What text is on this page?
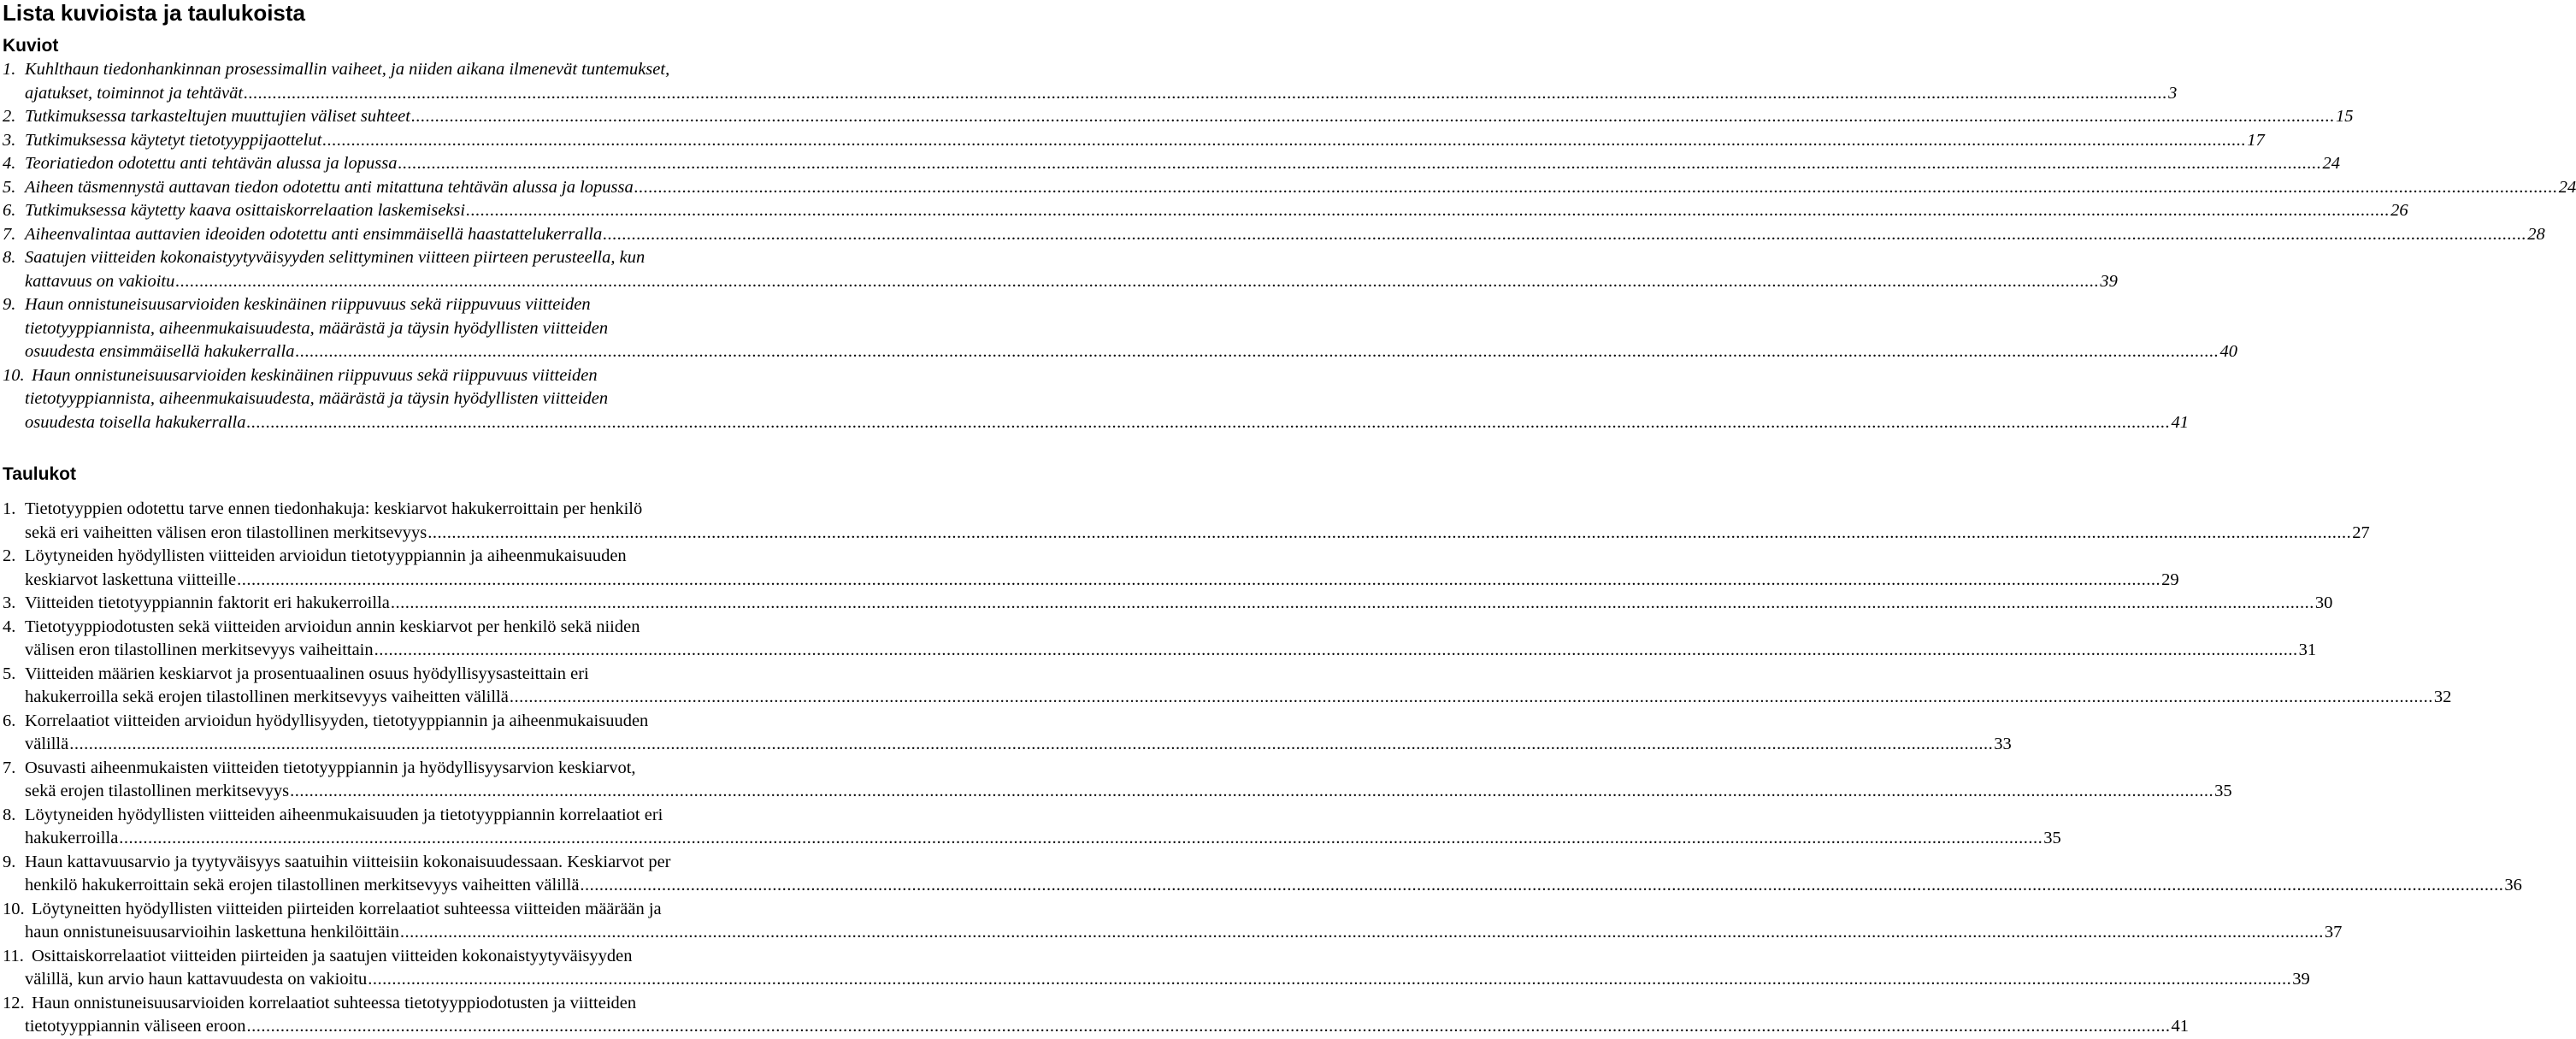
Lista kuvioista ja taulukoista
Kuviot
1. Kuhlthaun tiedonhankinnan prosessimallin vaiheet, ja niiden aikana ilmenevät tuntemukset,
ajatukset, toiminnot ja tehtävät ................................................................................................................................................................................................................................................................................................................................................................................................................ 3
2. Tutkimuksessa tarkasteltujen muuttujien väliset suhteet ................................................................................................................................................................................................................................................................................................................................................................................................................ 15
3. Tutkimuksessa käytetyt tietotyyppijaottelut ................................................................................................................................................................................................................................................................................................................................................................................................................ 17
4. Teoriatiedon odotettu anti tehtävän alussa ja lopussa ................................................................................................................................................................................................................................................................................................................................................................................................................ 24
5. Aiheen täsmennystä auttavan tiedon odotettu anti mitattuna tehtävän alussa ja lopussa ................................................................................................................................................................................................................................................................................................................................................................................................................ 24
6. Tutkimuksessa käytetty kaava osittaiskorrelaation laskemiseksi ................................................................................................................................................................................................................................................................................................................................................................................................................ 26
7. Aiheenvalintaa auttavien ideoiden odotettu anti ensimmäisellä haastattelukerralla ................................................................................................................................................................................................................................................................................................................................................................................................................ 28
8. Saatujen viitteiden kokonaistyytyväisyyden selittyminen viitteen piirteen perusteella, kun
kattavuus on vakioitu ................................................................................................................................................................................................................................................................................................................................................................................................................ 39
9. Haun onnistuneisuusarvioiden keskinäinen riippuvuus sekä riippuvuus viitteiden
tietotyyppiannista, aiheenmukaisuudesta, määrästä ja täysin hyödyllisten viitteiden
osuudesta ensimmäisellä hakukerralla ................................................................................................................................................................................................................................................................................................................................................................................................................ 40
10. Haun onnistuneisuusarvioiden keskinäinen riippuvuus sekä riippuvuus viitteiden
tietotyyppiannista, aiheenmukaisuudesta, määrästä ja täysin hyödyllisten viitteiden
osuudesta toisella hakukerralla ................................................................................................................................................................................................................................................................................................................................................................................................................ 41
Taulukot
1. Tietotyyppien odotettu tarve ennen tiedonhakuja: keskiarvot hakukerroittain per henkilö
sekä eri vaiheitten välisen eron tilastollinen merkitsevyys ................................................................................................................................................................................................................................................................................................................................................................................................................ 27
2. Löytyneiden hyödyllisten viitteiden arvioidun tietotyyppiannin ja aiheenmukaisuuden
keskiarvot laskettuna viitteille ................................................................................................................................................................................................................................................................................................................................................................................................................ 29
3. Viitteiden tietotyyppiannin faktorit eri hakukerroilla ................................................................................................................................................................................................................................................................................................................................................................................................................ 30
4. Tietotyyppiodotusten sekä viitteiden arvioidun annin keskiarvot per henkilö sekä niiden
välisen eron tilastollinen merkitsevyys vaiheittain ................................................................................................................................................................................................................................................................................................................................................................................................................ 31
5. Viitteiden määrien keskiarvot ja prosentuaalinen osuus hyödyllisyysasteittain eri
hakukerroilla sekä erojen tilastollinen merkitsevyys vaiheitten välillä ................................................................................................................................................................................................................................................................................................................................................................................................................ 32
6. Korrelaatiot viitteiden arvioidun hyödyllisyyden, tietotyyppiannin ja aiheenmukaisuuden
välillä ................................................................................................................................................................................................................................................................................................................................................................................................................ 33
7. Osuvasti aiheenmukaisten viitteiden tietotyyppiannin ja hyödyllisyysarvion keskiarvot,
sekä erojen tilastollinen merkitsevyys ................................................................................................................................................................................................................................................................................................................................................................................................................ 35
8. Löytyneiden hyödyllisten viitteiden aiheenmukaisuuden ja tietotyyppiannin korrelaatiot eri
hakukerroilla ................................................................................................................................................................................................................................................................................................................................................................................................................ 35
9. Haun kattavuusarvio ja tyytyväisyys saatuihin viitteisiin kokonaisuudessaan. Keskiarvot per
henkilö hakukerroittain sekä erojen tilastollinen merkitsevyys vaiheitten välillä ................................................................................................................................................................................................................................................................................................................................................................................................................ 36
10. Löytyneitten hyödyllisten viitteiden piirteiden korrelaatiot suhteessa viitteiden määrään ja
haun onnistuneisuusarvioihin laskettuna henkilöittäin ................................................................................................................................................................................................................................................................................................................................................................................................................ 37
11. Osittaiskorrelaatiot viitteiden piirteiden ja saatujen viitteiden kokonaistyytyväisyyden
välillä, kun arvio haun kattavuudesta on vakioitu ................................................................................................................................................................................................................................................................................................................................................................................................................ 39
12. Haun onnistuneisuusarvioiden korrelaatiot suhteessa tietotyyppiodotusten ja viitteiden
tietotyyppiannin väliseen eroon ................................................................................................................................................................................................................................................................................................................................................................................................................ 41
